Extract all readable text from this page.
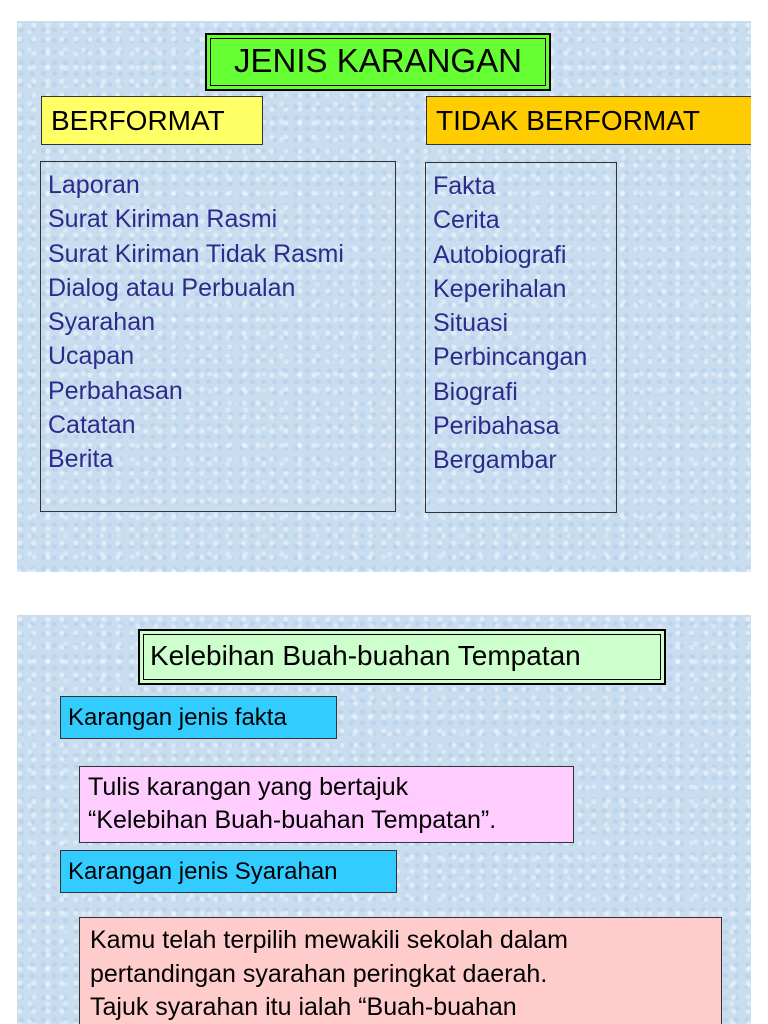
JENIS KARANGAN
BERFORMAT	TIDAK BERFORMAT
Laporan
Surat Kiriman Rasmi
Surat Kiriman Tidak Rasmi
Dialog atau Perbualan
Syarahan
Ucapan
Perbahasan
Catatan
Berita
Fakta
Cerita
Autobiografi
Keperihalan
Situasi
Perbincangan
Biografi
Peribahasa
Bergambar
Kelebihan Buah-buahan Tempatan
Karangan jenis fakta
Tulis karangan yang bertajuk
“Kelebihan Buah-buahan Tempatan”.
Karangan jenis Syarahan
Kamu telah terpilih mewakili sekolah dalam
pertandingan syarahan peringkat daerah.
Tajuk syarahan itu ialah “Buah-buahan
